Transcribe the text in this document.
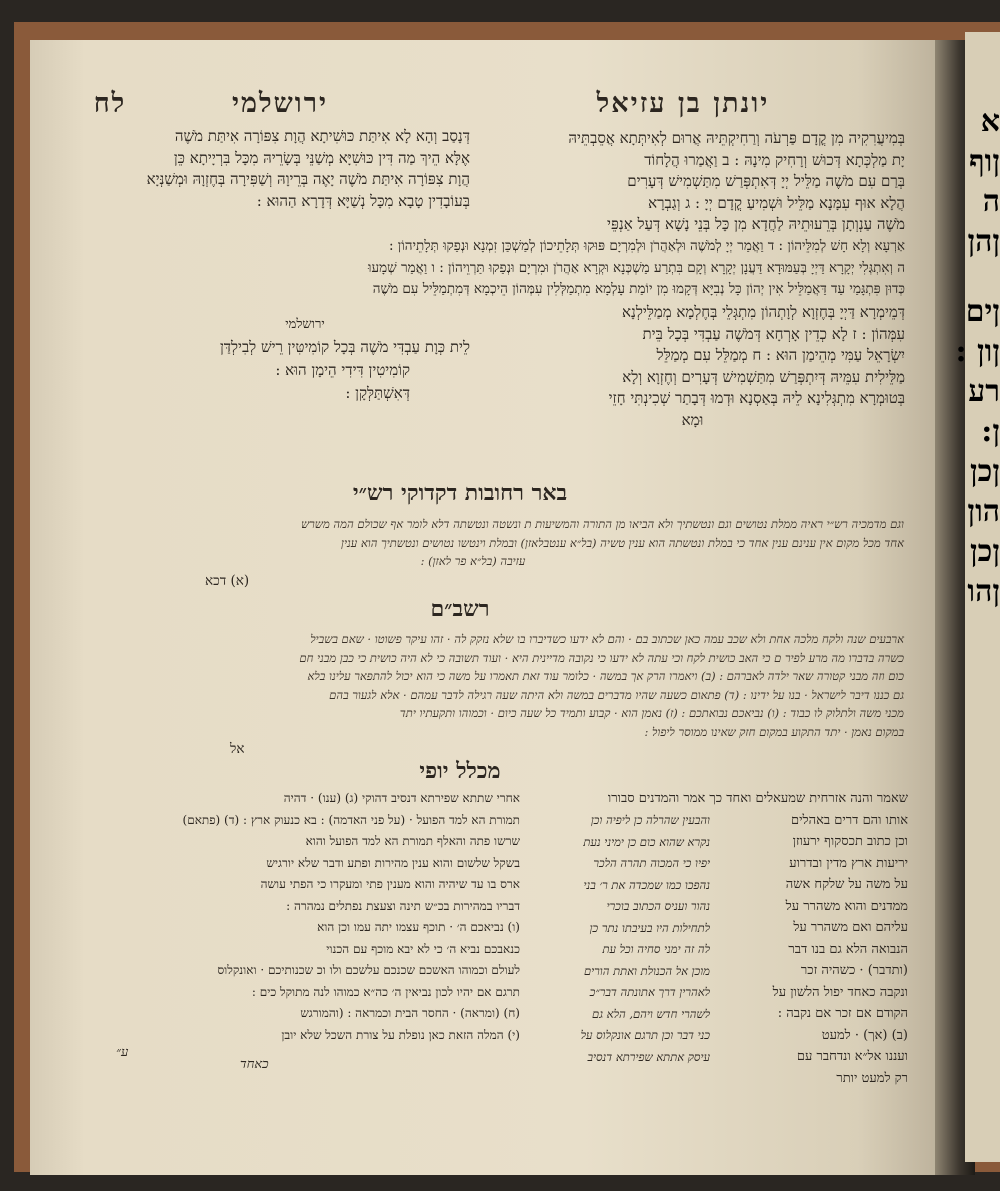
יונתן בן עזיאל
ירושלמי
לח

בְּמִיעֲרִקִיה מִן קֳדָם פַּרְעֹה וְרַחִיקְתֵּיהּ אֲרוּם לְאִיתְּתָא אֲסֵבְתֵּיהּ

יָת מַלְכְּתָא דְּכוּשׁ וְרָחִיק מִינָהּ : ב וַאֲמַרוּ הֲלָחוֹד

בְּרַם עִם מֹשֶׁה מַלֵּיל יְיָ דְּאִתְפְּרַשׁ מִתַּשְׁמִישׁ דְּעָרִים

הֲלָא אוּף עִמָּנָא מַלֵּיל וּשְׁמִיעַ קֳדָם יְיָ : ג וְגַבְרָא

מֹשֶׁה עַנְוְתָן בְּרֵעוּתֵיהּ לַחֲדָא מִן כָּל בְּנֵי נָשָׁא דְּעַל אַנְפֵּי

דְּנָסַב וְהָא לָא אִיתַּת כּוּשִׁיתָא הֲוָת צִפּוֹרָה אִיתַּת מֹשֶׁה

אֶלָּא הֵיךְ מַה דִּין כּוּשִׁיָּא מְשַׁנֵּי בְּשָׂרֵיהּ מִכָּל בִּרְיָיתָא כֵּן

הֲוָת צִפּוֹרָה אִיתַּת מֹשֶׁה יָאֶה בְּרֵיוָהּ וְשַׁפִּירָה בְּחֶזְוָהּ וּמְשַׁנְּיָא

בְּעוֹבָדִין טָבָא מִכָּל נְשַׁיָּא דְּדָרָא הַהוּא :

אַרְעָא וְלָא חָשׁ לְמִלֵּיהוֹן : ד וַאֲמַר יְיָ לְמֹשֶׁה וּלְאַהֲרֹן וּלְמִרְיָם פּוּקוּ תְּלָתֵיכוֹן לְמַשְׁכַּן זִמְנָא וּנְפַקוּ תְּלָתֵיהוֹן :

ה וְאִתְגְּלִי יְקָרָא דַּיְיָ בְּעַמּוּדָא דַּעֲנָן יְקָרָא וְקָם בִּתְרַע מַשְׁכְּנָא וּקְרָא אַהֲרֹן וּמִרְיָם וּנְפַקוּ תַּרְוֵיהוֹן : ו וַאֲמַר שְׁמָעוּ

כְּדוּן פִּתְגָּמַי עַד דַּאֲמַלֵּיל אִין יְהוֹן כָּל נְבִיָּא דְּקָמוּ מִן יוֹמַת עָלְמָא מִתְמַלְּלִין עִמְּהוֹן הֵיכְמָא דְּמִתְמַלֵּיל עִם מֹשֶׁה

דְּמֵימְרָא דַּיְיָ בְּחֶזְוָא לְוָתְהוֹן מִתְגְּלֵי בְּחֶלְמָא מְמַלֵּילְנָא

עִמְּהוֹן : ז לָא כְדֵין אָרְחָא דְּמֹשֶׁה עַבְדִּי בְּכָל בֵּית

יִשְׂרָאֵל עַמִּי מְהֵימַן הוּא : ח מְמַלֵּל עִם מְמַלֵּל

מַלֵּילִית עִמֵּיהּ דְּיִתְפְּרַשׁ מִתַּשְׁמִישׁ דְּעָרִים וְחֶזְוָא וְלָא

בְּטוּמְרָא מִתְגְּלִינָא לֵיהּ בְּאַסְנָא וּדְמוּ דְּבָתַר שְׁכִינְתִּי חָזֵי

וּמָא

ירושלמי
לֵית כְּוָת עַבְדִּי מֹשֶׁה בְּכָל קוֹמִיטִּין רֵישׁ לְבִילְדַּן
קוֹמִיטִין דִּידִי הֵימָן הוּא :
דְּאִשְׁתַּלְּקָן :
באר רחובות דקדוקי רש״י

וגם מדמכיה רש״י ראיה ממלת נטושים וגם ונטשתיך ולא הביאו מן התורה והמשיעות ת ונשטה ונטשתה דלא לומר אף שכולם המה משרש

אחד מכל מקום אין ענינם ענין אחד כי במלת ונטשתה הוא ענין טשיה (בל״א ענטבלאזן) ובמלת וינטשו נטושים ונטשתיך הוא ענין

עזיבה (בל״א פר לאזן) :

(א) דכא
רשב״ם

ארבעים שנה ולקח מלכה אחת ולא שכב עמה כאן שכתוב בם · והם לא ידעו כשדיברו בו שלא נזקק לה · זהו עיקר פשוטו · שאם בשביל

כשרה בדברו מה מרע לפיר ם כי האב כושית לקח וכי עתה לא ידעו כי נקובה מדיינית היא · ועוד תשובה כי לא היה כושית כי כבן מבני חם

כום וזה מבני קטורה שאר ילדה לאברהם : (ב) ויאמרו הרק אך במשה · כלומר עוד זאת תאמרו על משה כי הוא יכול להתפאר עלינו בלא

גם כננו דיבר לישראל · בנו על ידינו : (ד) פתאום כשעה שהיו מדברים במשה ולא היתה שעה רגילה לדבר עמהם · אלא לגעור בהם

מכני משה ולתלוק לו כבוד : (ו) נביאכם נבואתכם : (ז) נאמן הוא · קבוע ותמיד כל שעה כיום · וכמוהו ותקעתיו יתד

במקום נאמן · יתד התקוע במקום חזק שאינו ממוסר ליפול :

אל
מכלל יופי
שאמר והנה אזרחית שמעאלים ואחד כך אמר והמדנים סבורו
אותו והם דרים באהלים
וכן כתוב תכסקוף ירעוזן
יריעות ארץ מדין ובדרוע
על משה על שלקח אשה
ממדנים והוא משהרר על
עליהם ואם משהרר על
הנבואה הלא גם בנו דבר
(ותדבר) · כשהיה זכר
ונקבה כאחד יפול הלשון על
הקודם אם זכר אם נקבה :
(ב) (אך) · למעט
ועננו אל״א ונדחבר עם
רק למעט יותר
והבעין שהרלה כן ליפיה וכן
נקרא שהוא כום כן ימיני נעת
יפיו כי המכוה תהרה הלכר
נהפכו כמו שמכדה את ר׳ בני
נהור ועניס הכתוב בוכרי
לתחילות היו בעיבתו נתר כן
לה זה ימני סחיה וכל עת
מוכן אל הכנולת ואתת הורים
לאהרין דרך אתונתה דבר״כ
לשהרי חדש ויהם, הלא גם
כני דבר וכן תרגם אונקלוס על
עיסק אתתא שפירתא דנסיב
אחרי שתתא שפירתא דנסיב דהוקי (ג) (ענו) · דהיה
תמורת הא למד הפועל · (על פני האדמה) : בא כנעוק ארץ : (ד) (פתאם)
שרשו פתה והאלף תמורת הא למד הפועל והוא
בשקל שלשום והוא ענין מהירות ופתע ודבר שלא יורגיש
ארס בו עד שיהיה והוא מענין פתי ומעקרו כי הפתי עושה
דבריו במהירות בכ״ש תינה וצעצת נפתלים נמהרה :
(ו) נביאכם ה׳ · תוכף עצמו יתה עמו וכן הוא
כנאבכם נביא ה׳ כי לא יבא מוכף עם הכנוי
לעולם וכמוהו האשכם שכנכם עלשכם ולו וכ שכנותיכם · ואונקלוס
תרגם אם יהיו לכון נביאין ה׳ כה״א כמוהו לנה מתוקל כים :
(ח) (ומראה) · החסר הבית וכמראה : (והמורגש
(י) המלה הזאת כאן נופלת על צורת השכל שלא יובן
כאחד
ע״
א
ןוף
ה
ןהן
ןים
ןון :
רע
ן:
ןכן
הון
ןכן
ןהו
